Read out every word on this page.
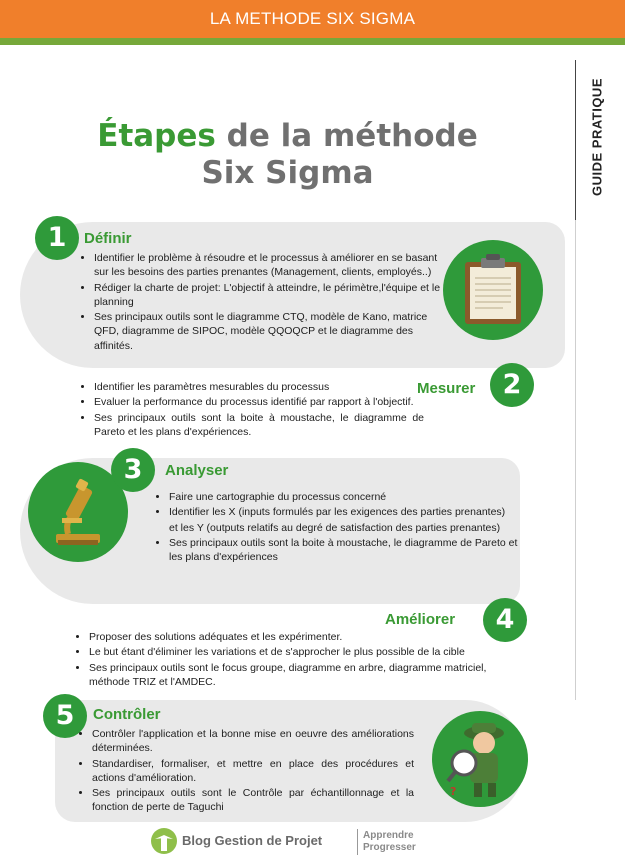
LA METHODE SIX SIGMA
GUIDE PRATIQUE
Étapes de la méthode
Six Sigma
1	Définir
• Identifier le problème à résoudre et le processus à améliorer en se basant sur les besoins des parties prenantes (Management, clients, employés..)
• Rédiger la charte de projet: L'objectif à atteindre, le périmètre,l'équipe et le planning
• Ses principaux outils sont le diagramme CTQ, modèle de Kano, matrice QFD, diagramme de SIPOC, modèle QQOQCP et le diagramme des affinités.
• Identifier les paramètres mesurables du processus
• Evaluer la performance du processus identifié par rapport à l'objectif.
• Ses principaux outils sont la boite à moustache, le diagramme de Pareto et les plans d'expériences.
Mesurer	2
3	Analyser
• Faire une cartographie du processus concerné
• Identifier les X (inputs formulés par les exigences des parties prenantes)
et les Y (outputs relatifs au degré de satisfaction des parties prenantes)
• Ses principaux outils sont la boite à moustache, le diagramme de Pareto et les plans d'expériences
Améliorer	4
• Proposer des solutions adéquates et les expérimenter.
• Le but étant d'éliminer les variations et de s'approcher le plus possible de la cible
• Ses principaux outils sont le focus groupe, diagramme en arbre, diagramme matriciel, méthode TRIZ et l'AMDEC.
5	Contrôler
• Contrôler l'application et la bonne mise en oeuvre des améliorations déterminées.
• Standardiser, formaliser, et mettre en place des procédures et actions d'amélioration.
• Ses principaux outils sont le Contrôle par échantillonnage et la fonction de perte de Taguchi
?
Blog Gestion de Projet	Apprendre
Progresser
